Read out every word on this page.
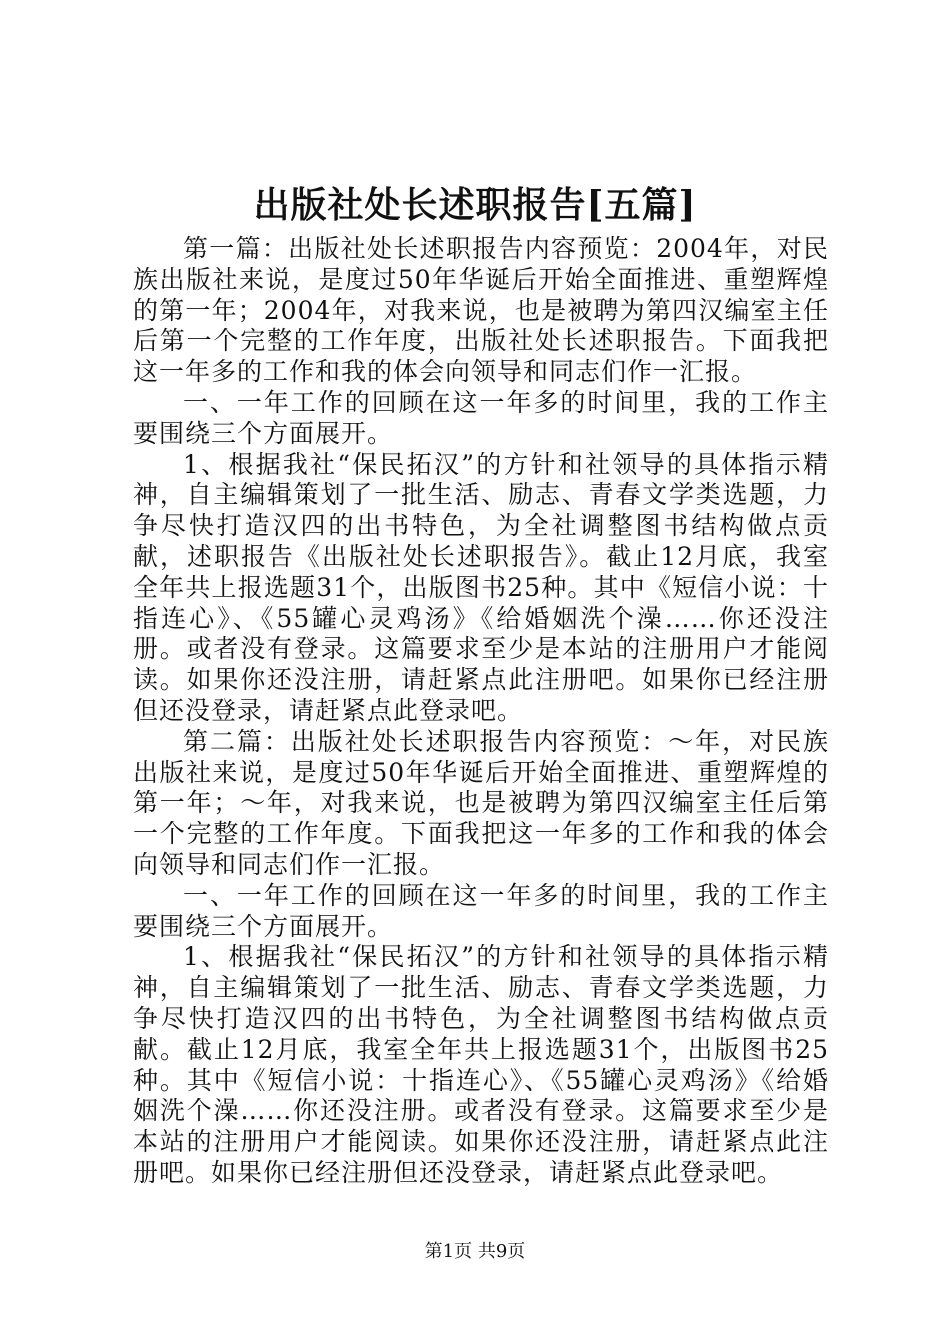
出版社处长述职报告[五篇]

第一篇：出版社处长述职报告内容预览：2004年，对民族出版社来说，是度过50年华诞后开始全面推进、重塑辉煌的第一年；2004年，对我来说，也是被聘为第四汉编室主任后第一个完整的工作年度，出版社处长述职报告。下面我把这一年多的工作和我的体会向领导和同志们作一汇报。

一、一年工作的回顾在这一年多的时间里，我的工作主要围绕三个方面展开。

1、根据我社“保民拓汉”的方针和社领导的具体指示精神，自主编辑策划了一批生活、励志、青春文学类选题，力争尽快打造汉四的出书特色，为全社调整图书结构做点贡献，述职报告《出版社处长述职报告》。截止12月底，我室全年共上报选题31个，出版图书25种。其中《短信小说：十指连心》、《55罐心灵鸡汤》《给婚姻洗个澡……你还没注册。或者没有登录。这篇要求至少是本站的注册用户才能阅读。如果你还没注册，请赶紧点此注册吧。如果你已经注册但还没登录，请赶紧点此登录吧。

第二篇：出版社处长述职报告内容预览：～年，对民族出版社来说，是度过50年华诞后开始全面推进、重塑辉煌的第一年；～年，对我来说，也是被聘为第四汉编室主任后第一个完整的工作年度。下面我把这一年多的工作和我的体会向领导和同志们作一汇报。

一、一年工作的回顾在这一年多的时间里，我的工作主要围绕三个方面展开。

1、根据我社“保民拓汉”的方针和社领导的具体指示精神，自主编辑策划了一批生活、励志、青春文学类选题，力争尽快打造汉四的出书特色，为全社调整图书结构做点贡献。截止12月底，我室全年共上报选题31个，出版图书25种。其中《短信小说：十指连心》、《55罐心灵鸡汤》《给婚姻洗个澡……你还没注册。或者没有登录。这篇要求至少是本站的注册用户才能阅读。如果你还没注册，请赶紧点此注册吧。如果你已经注册但还没登录，请赶紧点此登录吧。

第1页 共9页
